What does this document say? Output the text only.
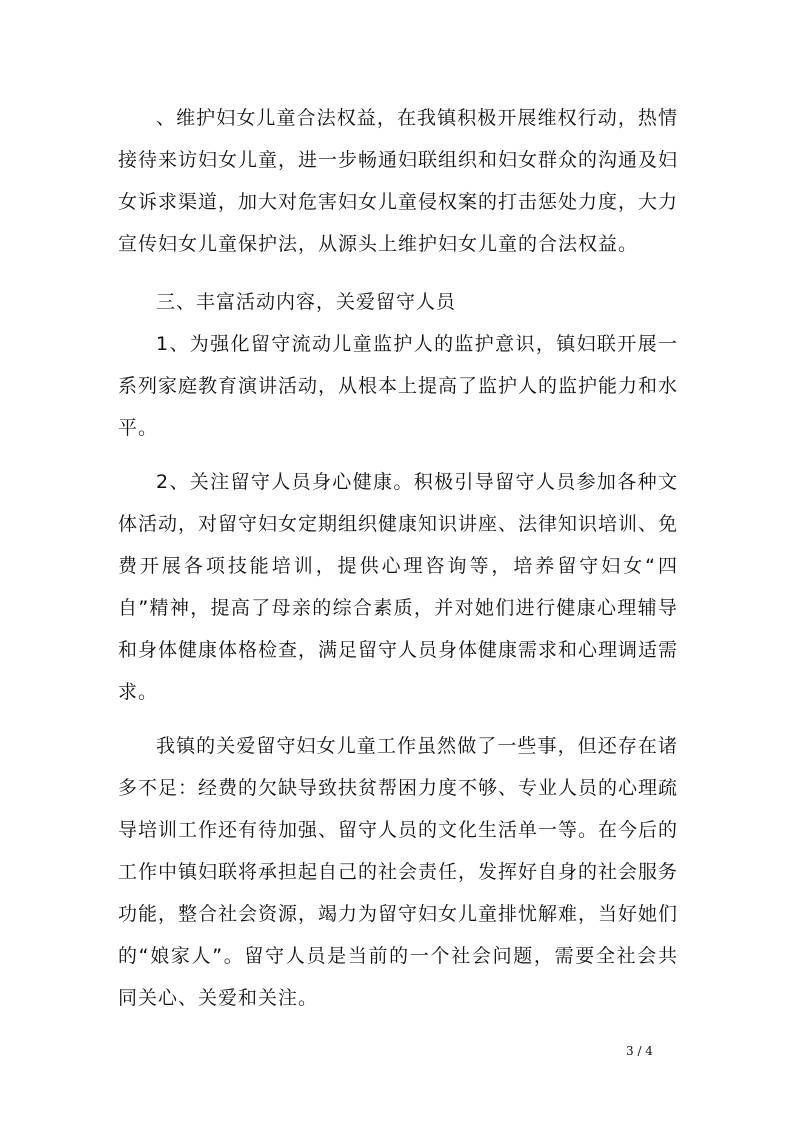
、维护妇女儿童合法权益，在我镇积极开展维权行动，热情接待来访妇女儿童，进一步畅通妇联组织和妇女群众的沟通及妇女诉求渠道，加大对危害妇女儿童侵权案的打击惩处力度，大力宣传妇女儿童保护法，从源头上维护妇女儿童的合法权益。

三、丰富活动内容，关爱留守人员

1、为强化留守流动儿童监护人的监护意识，镇妇联开展一系列家庭教育演讲活动，从根本上提高了监护人的监护能力和水平。

2、关注留守人员身心健康。积极引导留守人员参加各种文体活动，对留守妇女定期组织健康知识讲座、法律知识培训、免费开展各项技能培训，提供心理咨询等，培养留守妇女“四自”精神，提高了母亲的综合素质，并对她们进行健康心理辅导和身体健康体格检查，满足留守人员身体健康需求和心理调适需求。

我镇的关爱留守妇女儿童工作虽然做了一些事，但还存在诸多不足：经费的欠缺导致扶贫帮困力度不够、专业人员的心理疏导培训工作还有待加强、留守人员的文化生活单一等。在今后的工作中镇妇联将承担起自己的社会责任，发挥好自身的社会服务功能，整合社会资源，竭力为留守妇女儿童排忧解难，当好她们的“娘家人”。留守人员是当前的一个社会问题，需要全社会共同关心、关爱和关注。

3 / 4
